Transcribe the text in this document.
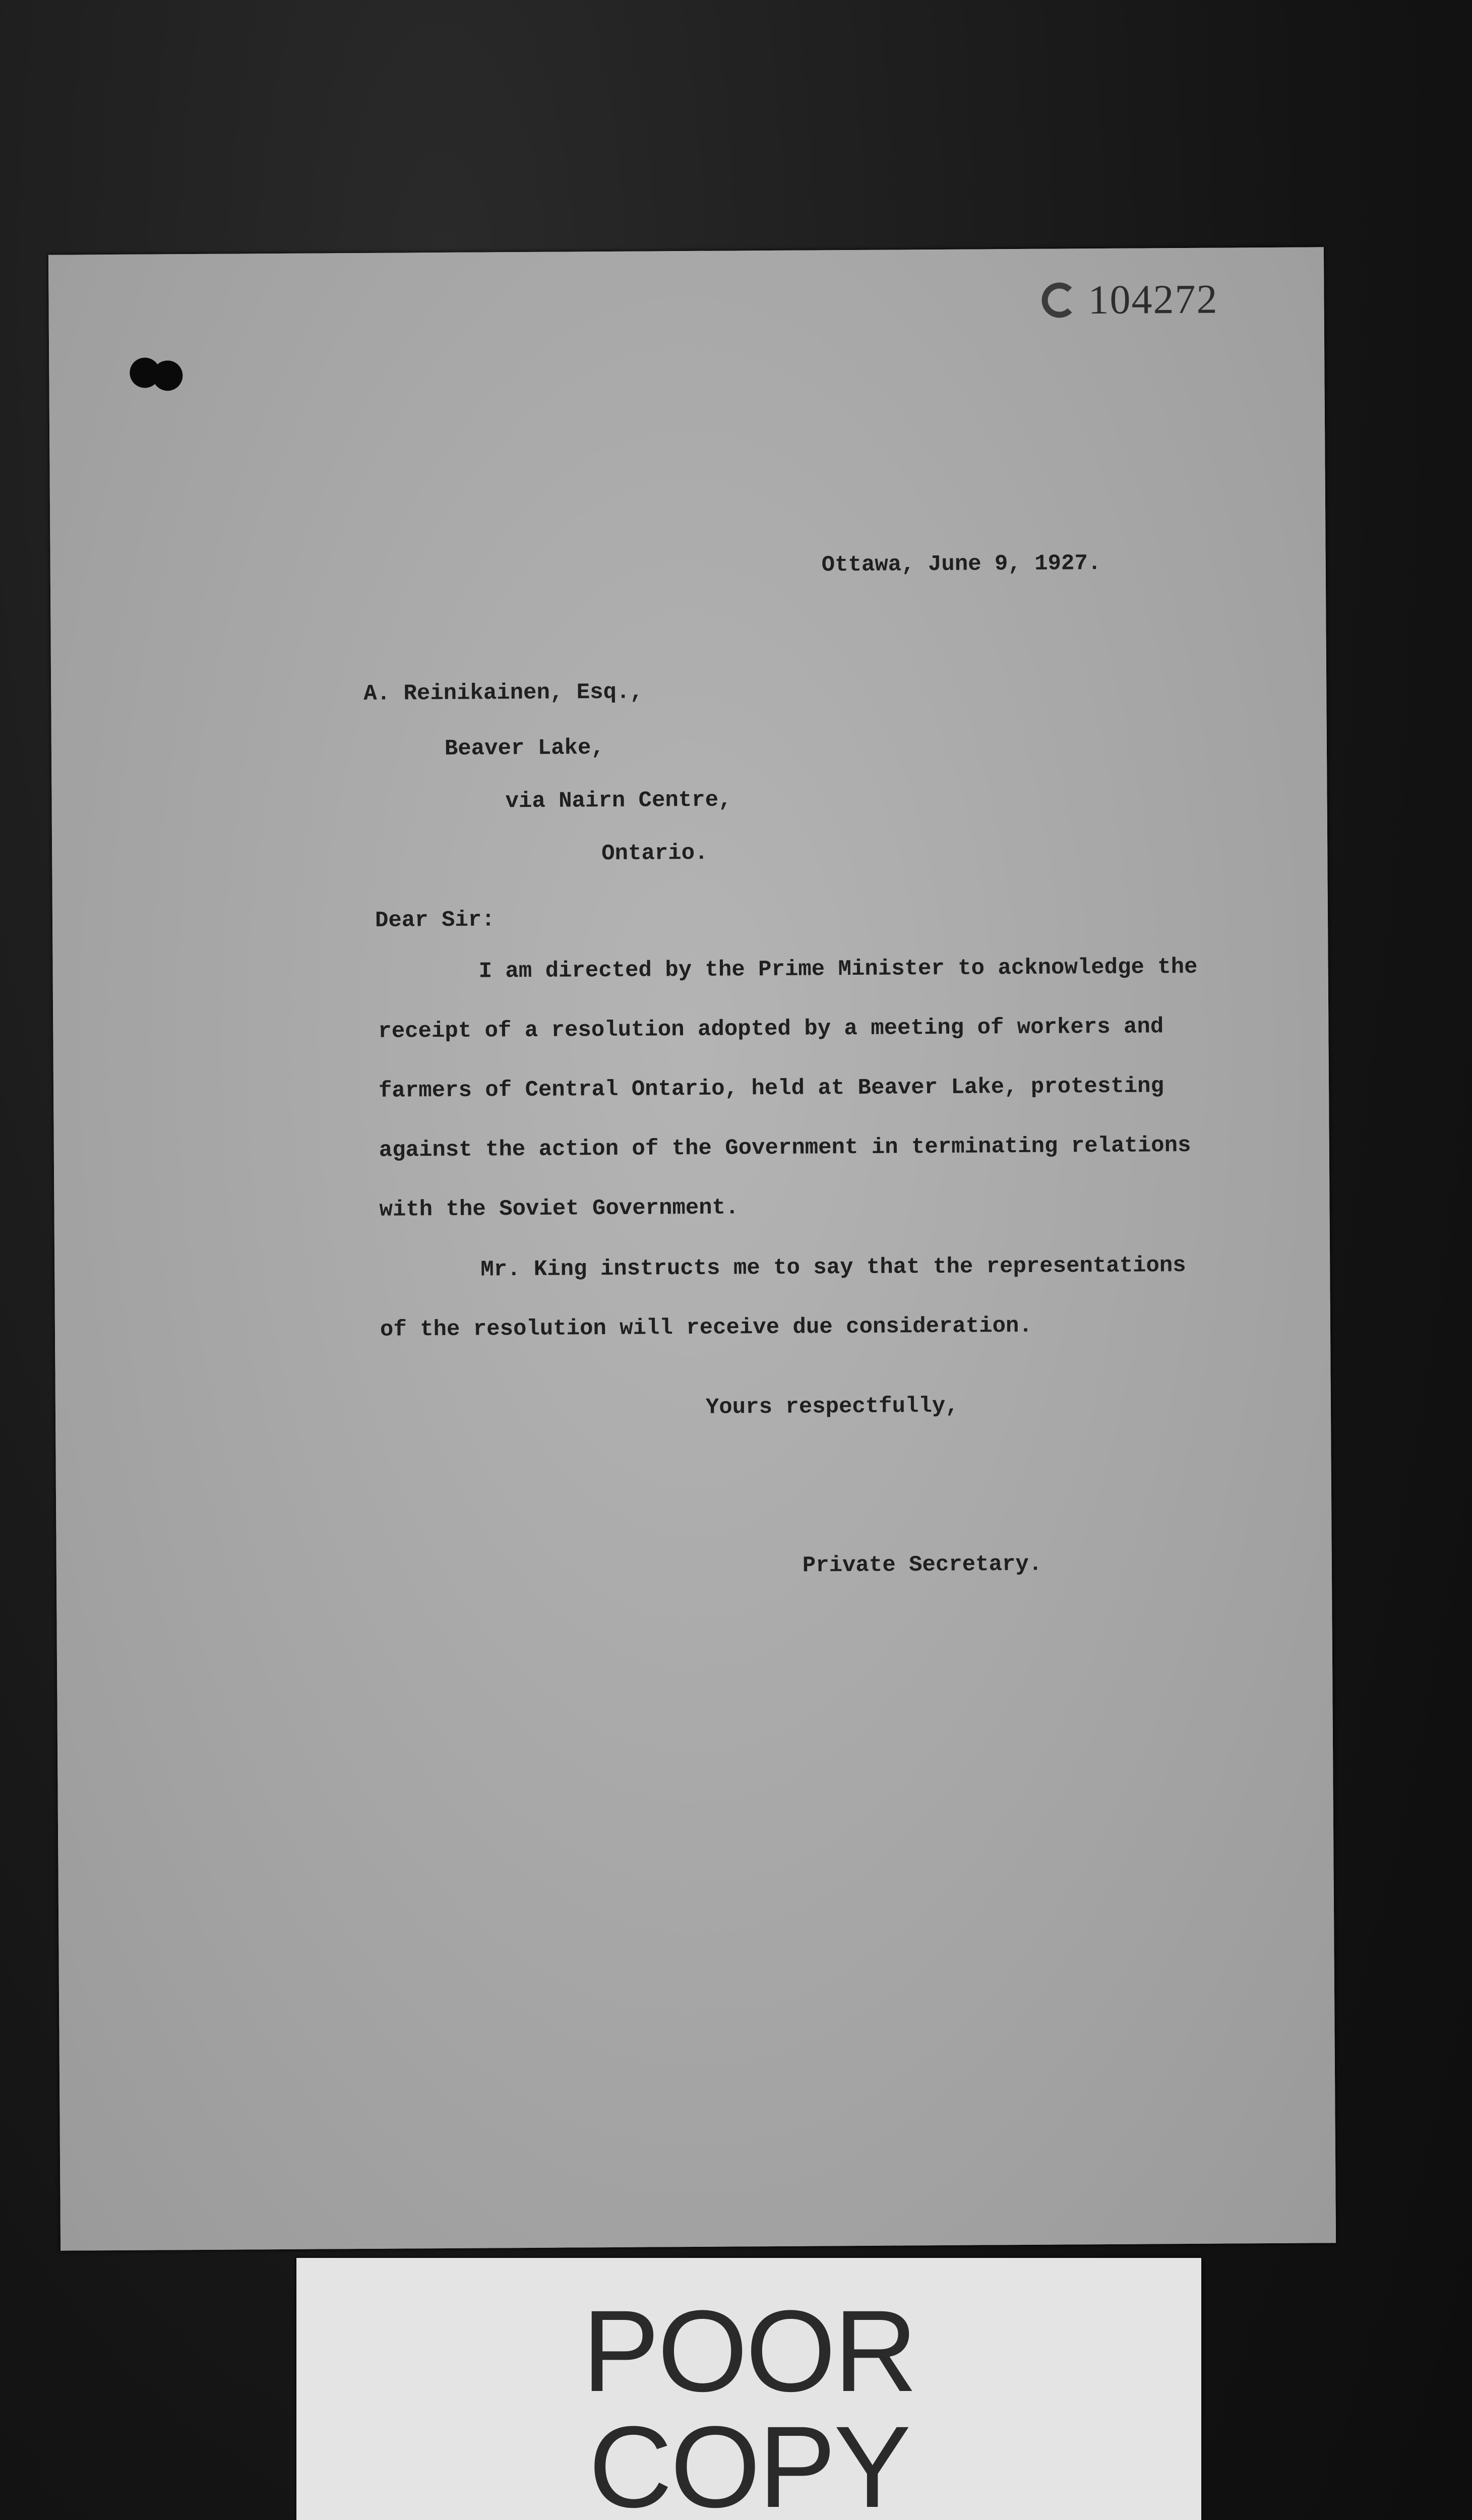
104272
Ottawa, June 9, 1927.
A. Reinikainen, Esq.,
Beaver Lake,
via Nairn Centre,
Ontario.
Dear Sir:

I am directed by the Prime Minister to acknowledge the receipt of a resolution adopted by a meeting of workers and farmers of Central Ontario, held at Beaver Lake, protesting against the action of the Government in terminating relations with the Soviet Government.

Mr. King instructs me to say that the representations of the resolution will receive due consideration.

Yours respectfully,
Private Secretary.
POOR
COPY
